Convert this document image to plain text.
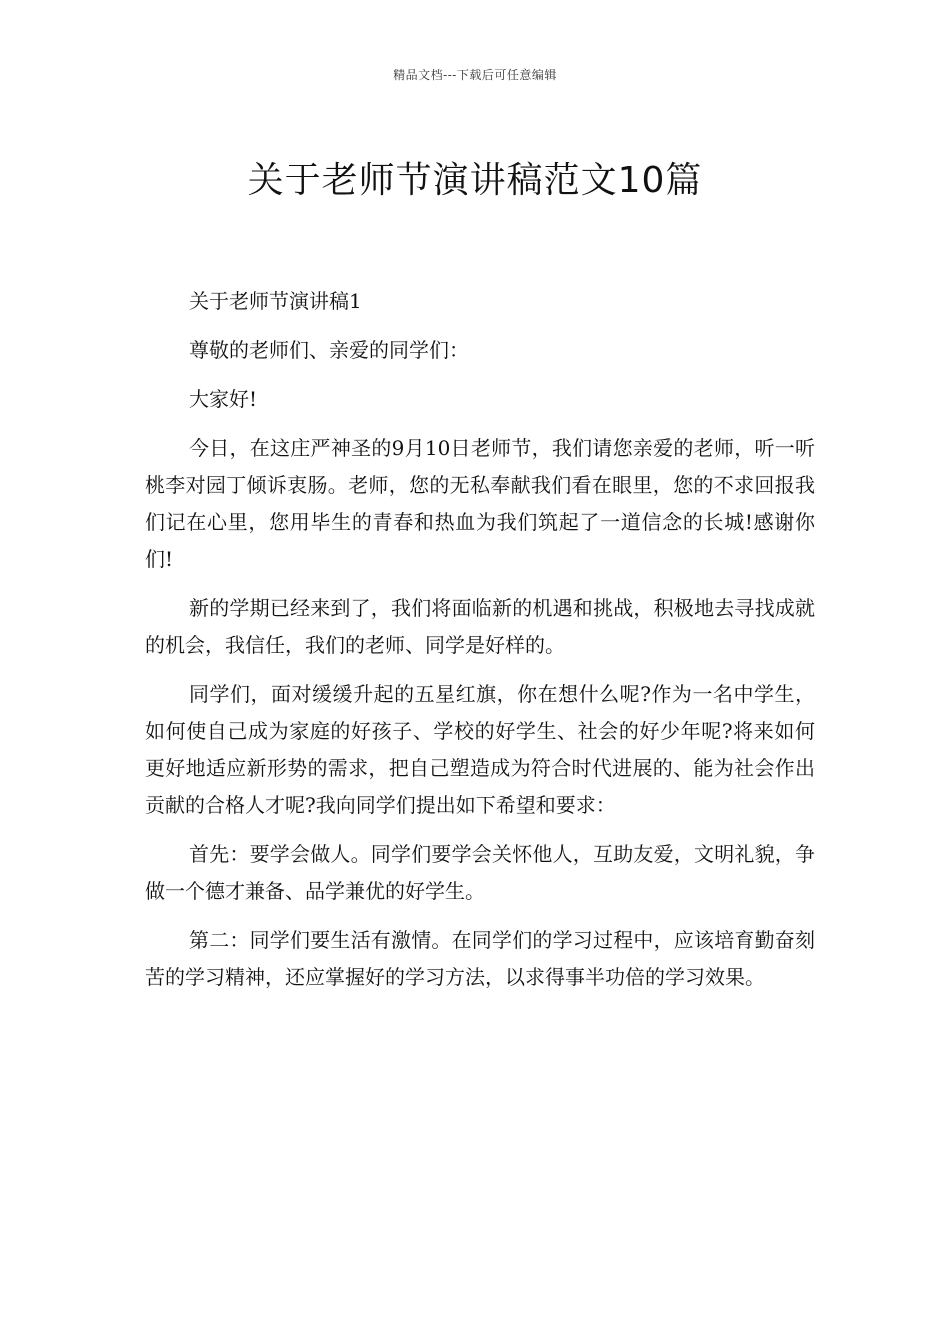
精品文档---下载后可任意编辑
关于老师节演讲稿范文10篇

关于老师节演讲稿1

尊敬的老师们、亲爱的同学们：

大家好!

今日，在这庄严神圣的9月10日老师节，我们请您亲爱的老师，听一听桃李对园丁倾诉衷肠。老师，您的无私奉献我们看在眼里，您的不求回报我们记在心里，您用毕生的青春和热血为我们筑起了一道信念的长城!感谢你们!

新的学期已经来到了，我们将面临新的机遇和挑战，积极地去寻找成就的机会，我信任，我们的老师、同学是好样的。

同学们，面对缓缓升起的五星红旗，你在想什么呢?作为一名中学生，如何使自己成为家庭的好孩子、学校的好学生、社会的好少年呢?将来如何更好地适应新形势的需求，把自己塑造成为符合时代进展的、能为社会作出贡献的合格人才呢?我向同学们提出如下希望和要求：

首先：要学会做人。同学们要学会关怀他人，互助友爱，文明礼貌，争做一个德才兼备、品学兼优的好学生。

第二：同学们要生活有激情。在同学们的学习过程中，应该培育勤奋刻苦的学习精神，还应掌握好的学习方法，以求得事半功倍的学习效果。
